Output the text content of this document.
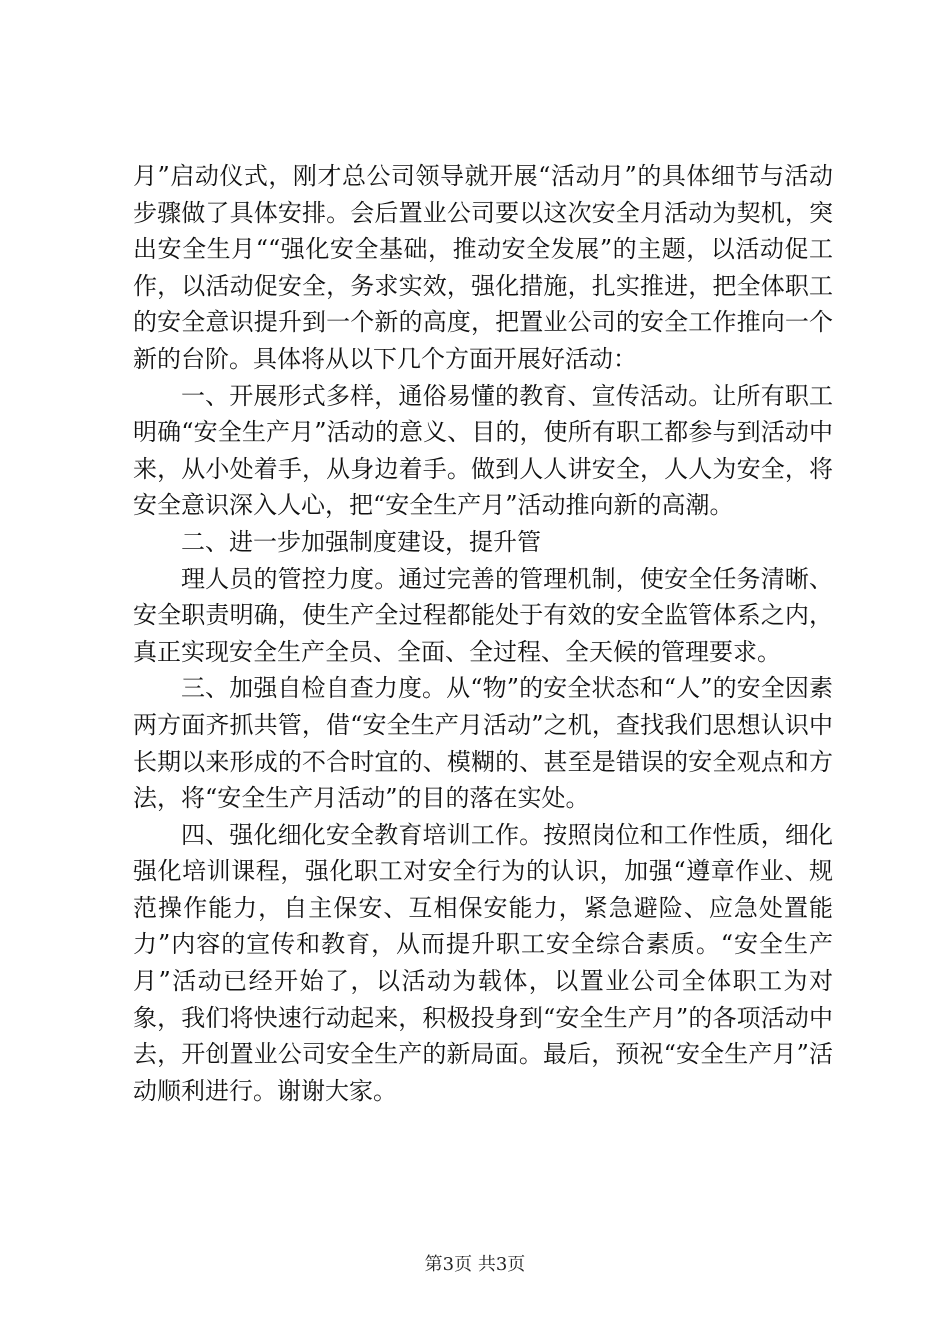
月”启动仪式，刚才总公司领导就开展“活动月”的具体细节与活动步骤做了具体安排。会后置业公司要以这次安全月活动为契机，突出安全生月““强化安全基础，推动安全发展”的主题，以活动促工作，以活动促安全，务求实效，强化措施，扎实推进，把全体职工的安全意识提升到一个新的高度，把置业公司的安全工作推向一个新的台阶。具体将从以下几个方面开展好活动：

一、开展形式多样，通俗易懂的教育、宣传活动。让所有职工明确“安全生产月”活动的意义、目的，使所有职工都参与到活动中来，从小处着手，从身边着手。做到人人讲安全，人人为安全，将安全意识深入人心，把“安全生产月”活动推向新的高潮。

二、进一步加强制度建设，提升管

理人员的管控力度。通过完善的管理机制，使安全任务清晰、安全职责明确，使生产全过程都能处于有效的安全监管体系之内，真正实现安全生产全员、全面、全过程、全天候的管理要求。

三、加强自检自查力度。从“物”的安全状态和“人”的安全因素两方面齐抓共管，借“安全生产月活动”之机，查找我们思想认识中长期以来形成的不合时宜的、模糊的、甚至是错误的安全观点和方法，将“安全生产月活动”的目的落在实处。

四、强化细化安全教育培训工作。按照岗位和工作性质，细化强化培训课程，强化职工对安全行为的认识，加强“遵章作业、规范操作能力，自主保安、互相保安能力，紧急避险、应急处置能力”内容的宣传和教育，从而提升职工安全综合素质。“安全生产月”活动已经开始了，以活动为载体，以置业公司全体职工为对象，我们将快速行动起来，积极投身到“安全生产月”的各项活动中去，开创置业公司安全生产的新局面。最后，预祝“安全生产月”活动顺利进行。谢谢大家。

第3页 共3页
